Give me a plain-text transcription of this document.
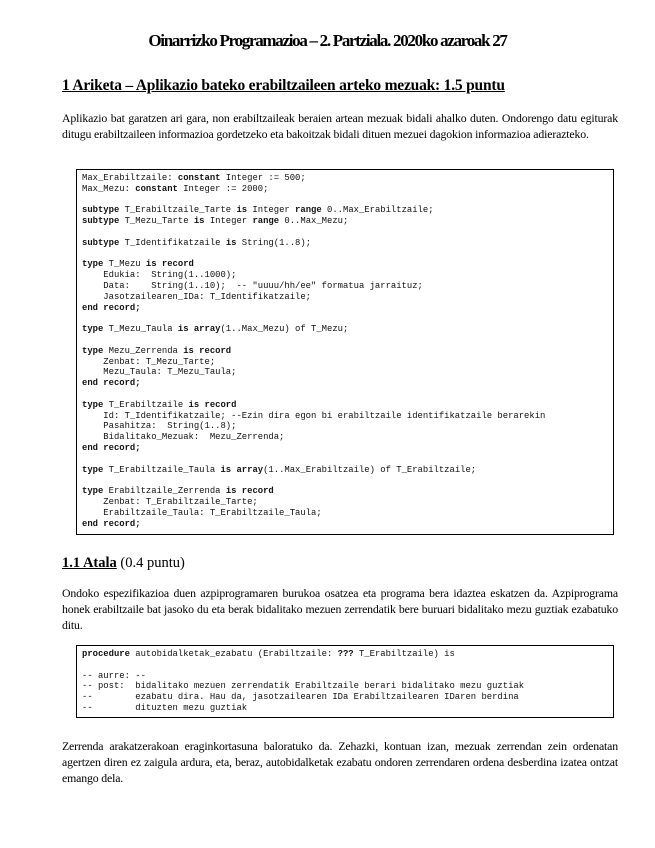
Oinarrizko Programazioa – 2. Partziala. 2020ko azaroak 27
1 Ariketa – Aplikazio bateko erabiltzaileen arteko mezuak: 1.5 puntu

Aplikazio bat garatzen ari gara, non erabiltzaileak beraien artean mezuak bidali ahalko duten. Ondorengo datu egiturak ditugu erabiltzaileen informazioa gordetzeko eta bakoitzak bidali dituen mezuei dagokion informazioa adierazteko.

Max_Erabiltzaile: constant Integer := 500;
Max_Mezu: constant Integer := 2000;

subtype T_Erabiltzaile_Tarte is Integer range 0..Max_Erabiltzaile;
subtype T_Mezu_Tarte is Integer range 0..Max_Mezu;

subtype T_Identifikatzaile is String(1..8);

type T_Mezu is record
Edukia:  String(1..1000);
Data:    String(1..10);  -- "uuuu/hh/ee" formatua jarraituz;
Jasotzailearen_IDa: T_Identifikatzaile;
end record;

type T_Mezu_Taula is array(1..Max_Mezu) of T_Mezu;

type Mezu_Zerrenda is record
Zenbat: T_Mezu_Tarte;
Mezu_Taula: T_Mezu_Taula;
end record;

type T_Erabiltzaile is record
Id: T_Identifikatzaile; --Ezin dira egon bi erabiltzaile identifikatzaile berarekin
Pasahitza:  String(1..8);
Bidalitako_Mezuak:  Mezu_Zerrenda;
end record;

type T_Erabiltzaile_Taula is array(1..Max_Erabiltzaile) of T_Erabiltzaile;

type Erabiltzaile_Zerrenda is record
Zenbat: T_Erabiltzaile_Tarte;
Erabiltzaile_Taula: T_Erabiltzaile_Taula;
end record;
1.1 Atala (0.4 puntu)

Ondoko espezifikazioa duen azpiprogramaren burukoa osatzea eta programa bera idaztea eskatzen da. Azpiprograma honek erabiltzaile bat jasoko du eta berak bidalitako mezuen zerrendatik bere buruari bidalitako mezu guztiak ezabatuko ditu.

procedure autobidalketak_ezabatu (Erabiltzaile: ??? T_Erabiltzaile) is

-- aurre: --
-- post:  bidalitako mezuen zerrendatik Erabiltzaile berari bidalitako mezu guztiak
--        ezabatu dira. Hau da, jasotzailearen IDa Erabiltzailearen IDaren berdina
--        dituzten mezu guztiak

Zerrenda arakatzerakoan eraginkortasuna baloratuko da. Zehazki, kontuan izan, mezuak zerrendan zein ordenatan agertzen diren ez zaigula ardura, eta, beraz, autobidalketak ezabatu ondoren zerrendaren ordena desberdina izatea ontzat emango dela.
